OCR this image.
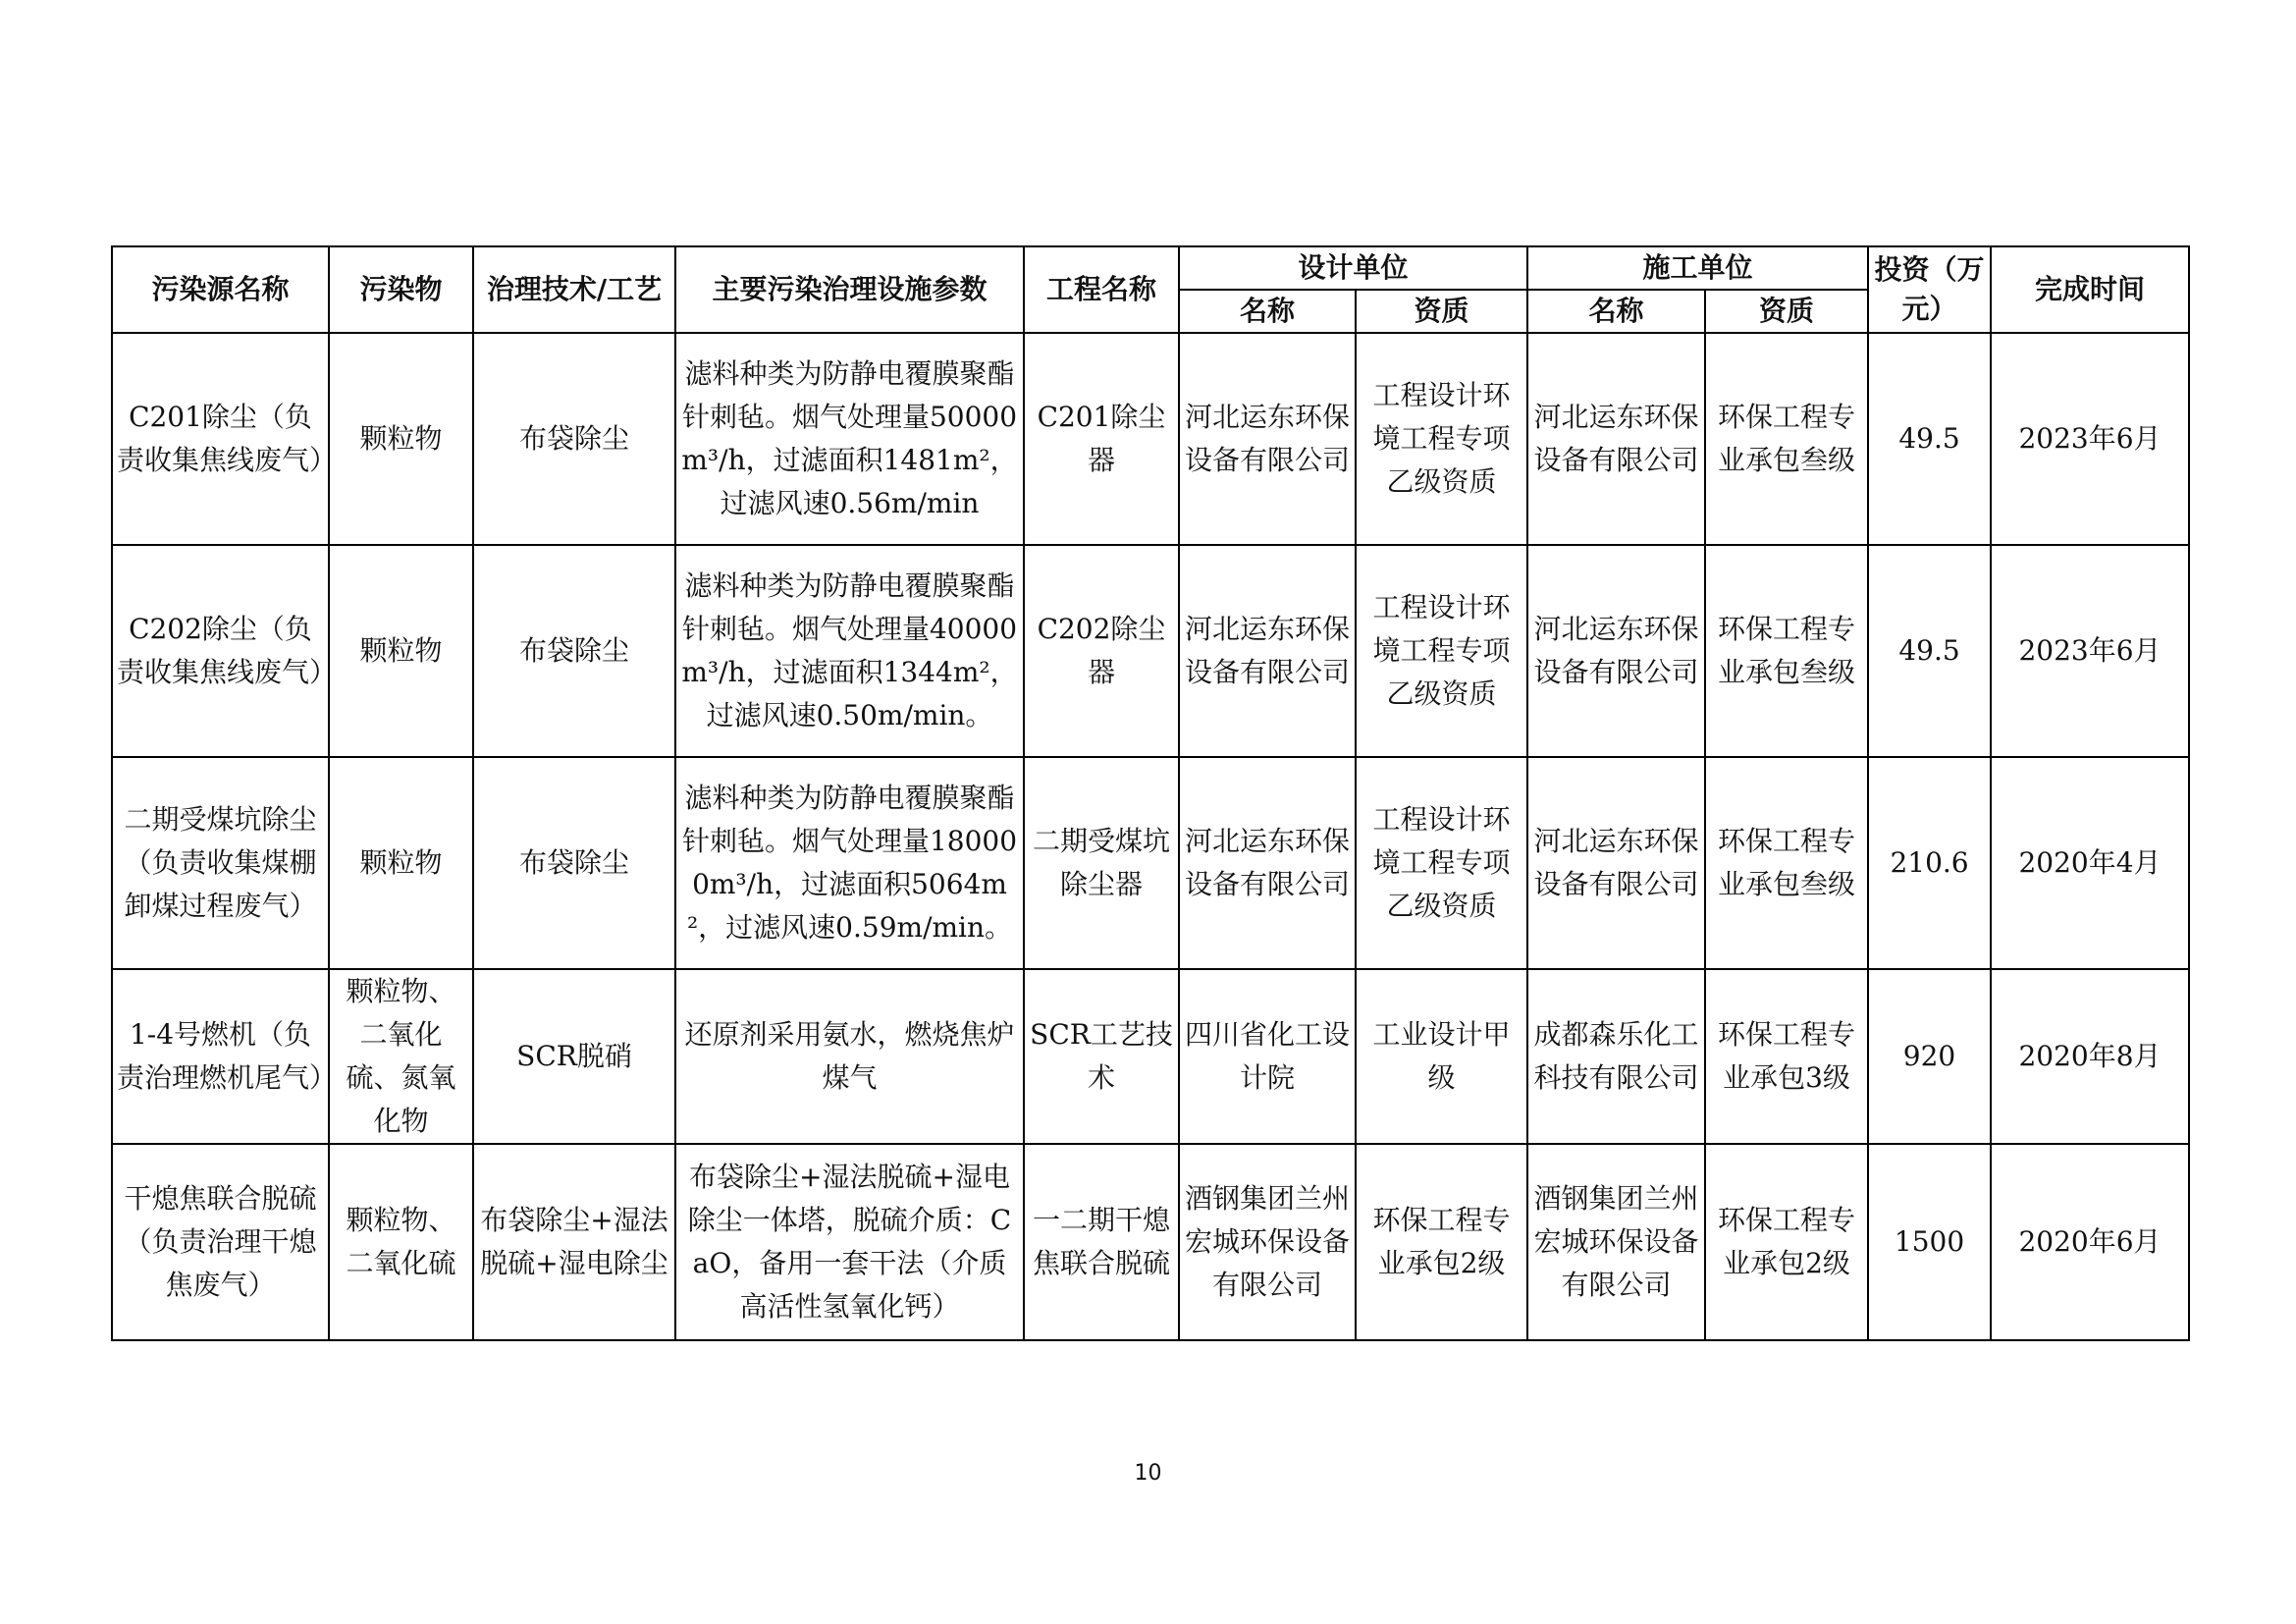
污染源名称	污染物	治理技术/工艺	主要污染治理设施参数	工程名称	设计单位		施工单位		投资（万元）	完成时间
					名称	资质	名称	资质		
C201除尘（负责收集焦线废气）	颗粒物	布袋除尘	滤料种类为防静电覆膜聚酯针刺毡。烟气处理量50000m³/h，过滤面积1481m²，过滤风速0.56m/min	C201除尘器	河北运东环保设备有限公司	工程设计环境工程专项乙级资质	河北运东环保设备有限公司	环保工程专业承包叁级	49.5	2023年6月
C202除尘（负责收集焦线废气）	颗粒物	布袋除尘	滤料种类为防静电覆膜聚酯针刺毡。烟气处理量40000m³/h，过滤面积1344m²，过滤风速0.50m/min。	C202除尘器	河北运东环保设备有限公司	工程设计环境工程专项乙级资质	河北运东环保设备有限公司	环保工程专业承包叁级	49.5	2023年6月
二期受煤坑除尘（负责收集煤棚卸煤过程废气）	颗粒物	布袋除尘	滤料种类为防静电覆膜聚酯针刺毡。烟气处理量180000m³/h，过滤面积5064m²，过滤风速0.59m/min。	二期受煤坑除尘器	河北运东环保设备有限公司	工程设计环境工程专项乙级资质	河北运东环保设备有限公司	环保工程专业承包叁级	210.6	2020年4月
1-4号燃机（负责治理燃机尾气）	颗粒物、二氧化硫、氮氧化物	SCR脱硝	还原剂采用氨水，燃烧焦炉煤气	SCR工艺技术	四川省化工设计院	工业设计甲级	成都森乐化工科技有限公司	环保工程专业承包3级	920	2020年8月
干熄焦联合脱硫（负责治理干熄焦废气）	颗粒物、二氧化硫	布袋除尘+湿法脱硫+湿电除尘	布袋除尘+湿法脱硫+湿电除尘一体塔，脱硫介质：CaO，备用一套干法（介质高活性氢氧化钙）	一二期干熄焦联合脱硫	酒钢集团兰州宏城环保设备有限公司	环保工程专业承包2级	酒钢集团兰州宏城环保设备有限公司	环保工程专业承包2级	1500	2020年6月
10
